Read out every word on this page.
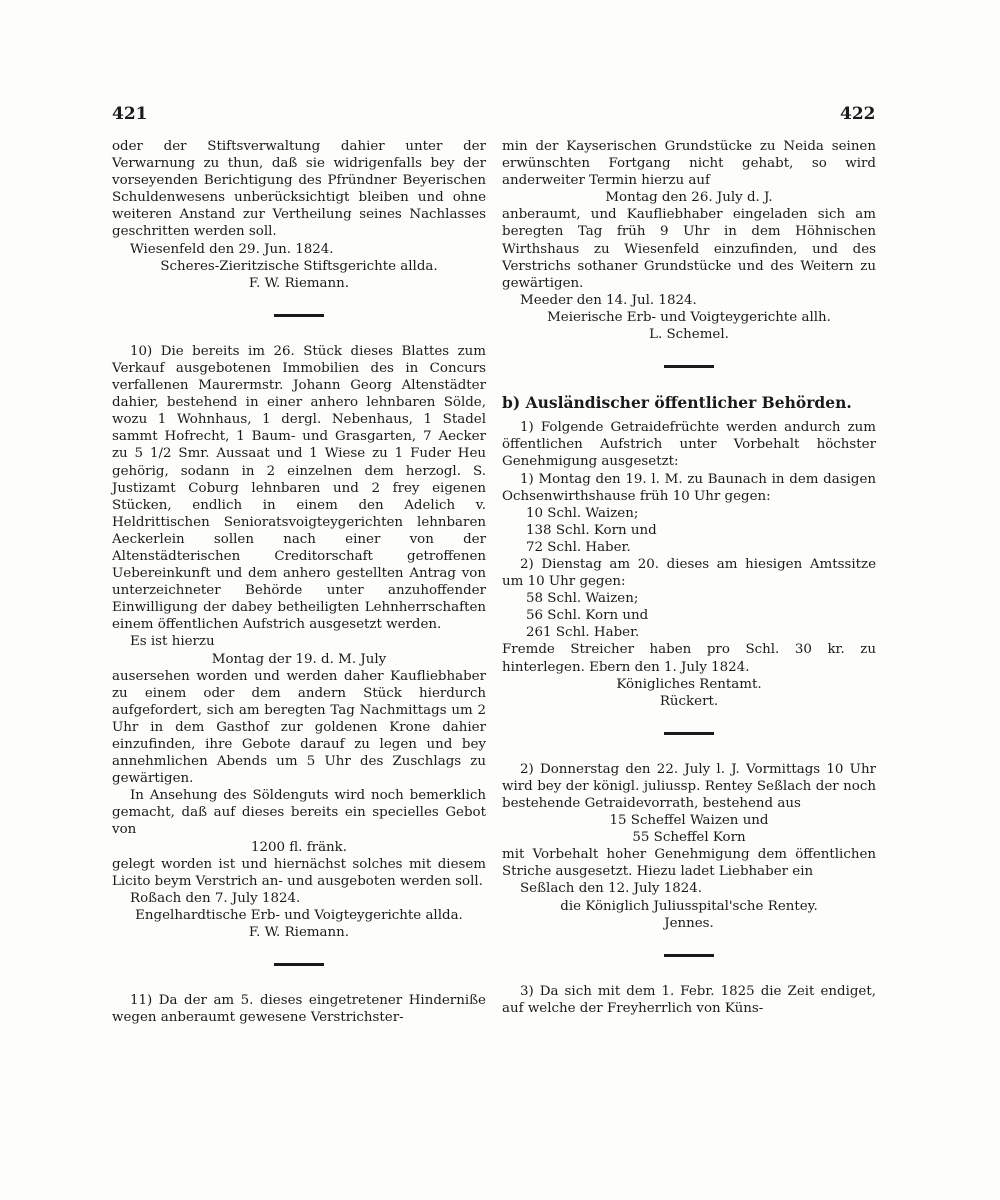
421	422

oder der Stiftsverwaltung dahier unter der Verwarnung zu thun, daß sie widrigenfalls bey der vorseyenden Berichtigung des Pfründner Beyerischen Schuldenwesens unberücksichtigt bleiben und ohne weiteren Anstand zur Vertheilung seines Nachlasses geschritten werden soll.

Wiesenfeld den 29. Jun. 1824.

Scheres-Zieritzische Stiftsgerichte allda.

F. W. Riemann.

10) Die bereits im 26. Stück dieses Blattes zum Verkauf ausgebotenen Immobilien des in Concurs verfallenen Maurermstr. Johann Georg Altenstädter dahier, bestehend in einer anhero lehnbaren Sölde, wozu 1 Wohnhaus, 1 dergl. Nebenhaus, 1 Stadel sammt Hofrecht, 1 Baum- und Grasgarten, 7 Aecker zu 5 1/2 Smr. Aussaat und 1 Wiese zu 1 Fuder Heu gehörig, sodann in 2 einzelnen dem herzogl. S. Justizamt Coburg lehnbaren und 2 frey eigenen Stücken, endlich in einem den Adelich v. Heldrittischen Senioratsvoigteygerichten lehnbaren Aeckerlein sollen nach einer von der Altenstädterischen Creditorschaft getroffenen Uebereinkunft und dem anhero gestellten Antrag von unterzeichneter Behörde unter anzuhoffender Einwilligung der dabey betheiligten Lehnherrschaften einem öffentlichen Aufstrich ausgesetzt werden.

Es ist hierzu

Montag der 19. d. M. July

ausersehen worden und werden daher Kaufliebhaber zu einem oder dem andern Stück hierdurch aufgefordert, sich am beregten Tag Nachmittags um 2 Uhr in dem Gasthof zur goldenen Krone dahier einzufinden, ihre Gebote darauf zu legen und bey annehmlichen Abends um 5 Uhr des Zuschlags zu gewärtigen.

In Ansehung des Söldenguts wird noch bemerklich gemacht, daß auf dieses bereits ein specielles Gebot von

1200 fl. fränk.

gelegt worden ist und hiernächst solches mit diesem Licito beym Verstrich an- und ausgeboten werden soll.

Roßach den 7. July 1824.

Engelhardtische Erb- und Voigteygerichte allda.

F. W. Riemann.

11) Da der am 5. dieses eingetretener Hinderniße wegen anberaumt gewesene Verstrichster-

min der Kayserischen Grundstücke zu Neida seinen erwünschten Fortgang nicht gehabt, so wird anderweiter Termin hierzu auf

Montag den 26. July d. J.

anberaumt, und Kaufliebhaber eingeladen sich am beregten Tag früh 9 Uhr in dem Höhnischen Wirthshaus zu Wiesenfeld einzufinden, und des Verstrichs sothaner Grundstücke und des Weitern zu gewärtigen.

Meeder den 14. Jul. 1824.

Meierische Erb- und Voigteygerichte allh.

L. Schemel.

b) Ausländischer öffentlicher Behörden.

1) Folgende Getraidefrüchte werden andurch zum öffentlichen Aufstrich unter Vorbehalt höchster Genehmigung ausgesetzt:

1) Montag den 19. l. M. zu Baunach in dem dasigen Ochsenwirthshause früh 10 Uhr gegen:

10 Schl. Waizen;

138 Schl. Korn und

72 Schl. Haber.

2) Dienstag am 20. dieses am hiesigen Amtssitze um 10 Uhr gegen:

58 Schl. Waizen;

56 Schl. Korn und

261 Schl. Haber.

Fremde Streicher haben pro Schl. 30 kr. zu hinterlegen. Ebern den 1. July 1824.

Königliches Rentamt.

Rückert.

2) Donnerstag den 22. July l. J. Vormittags 10 Uhr wird bey der königl. juliussp. Rentey Seßlach der noch bestehende Getraidevorrath, bestehend aus

15 Scheffel Waizen und

55 Scheffel Korn

mit Vorbehalt hoher Genehmigung dem öffentlichen Striche ausgesetzt. Hiezu ladet Liebhaber ein

Seßlach den 12. July 1824.

die Königlich Juliusspital'sche Rentey.

Jennes.

3) Da sich mit dem 1. Febr. 1825 die Zeit endiget, auf welche der Freyherrlich von Küns-
